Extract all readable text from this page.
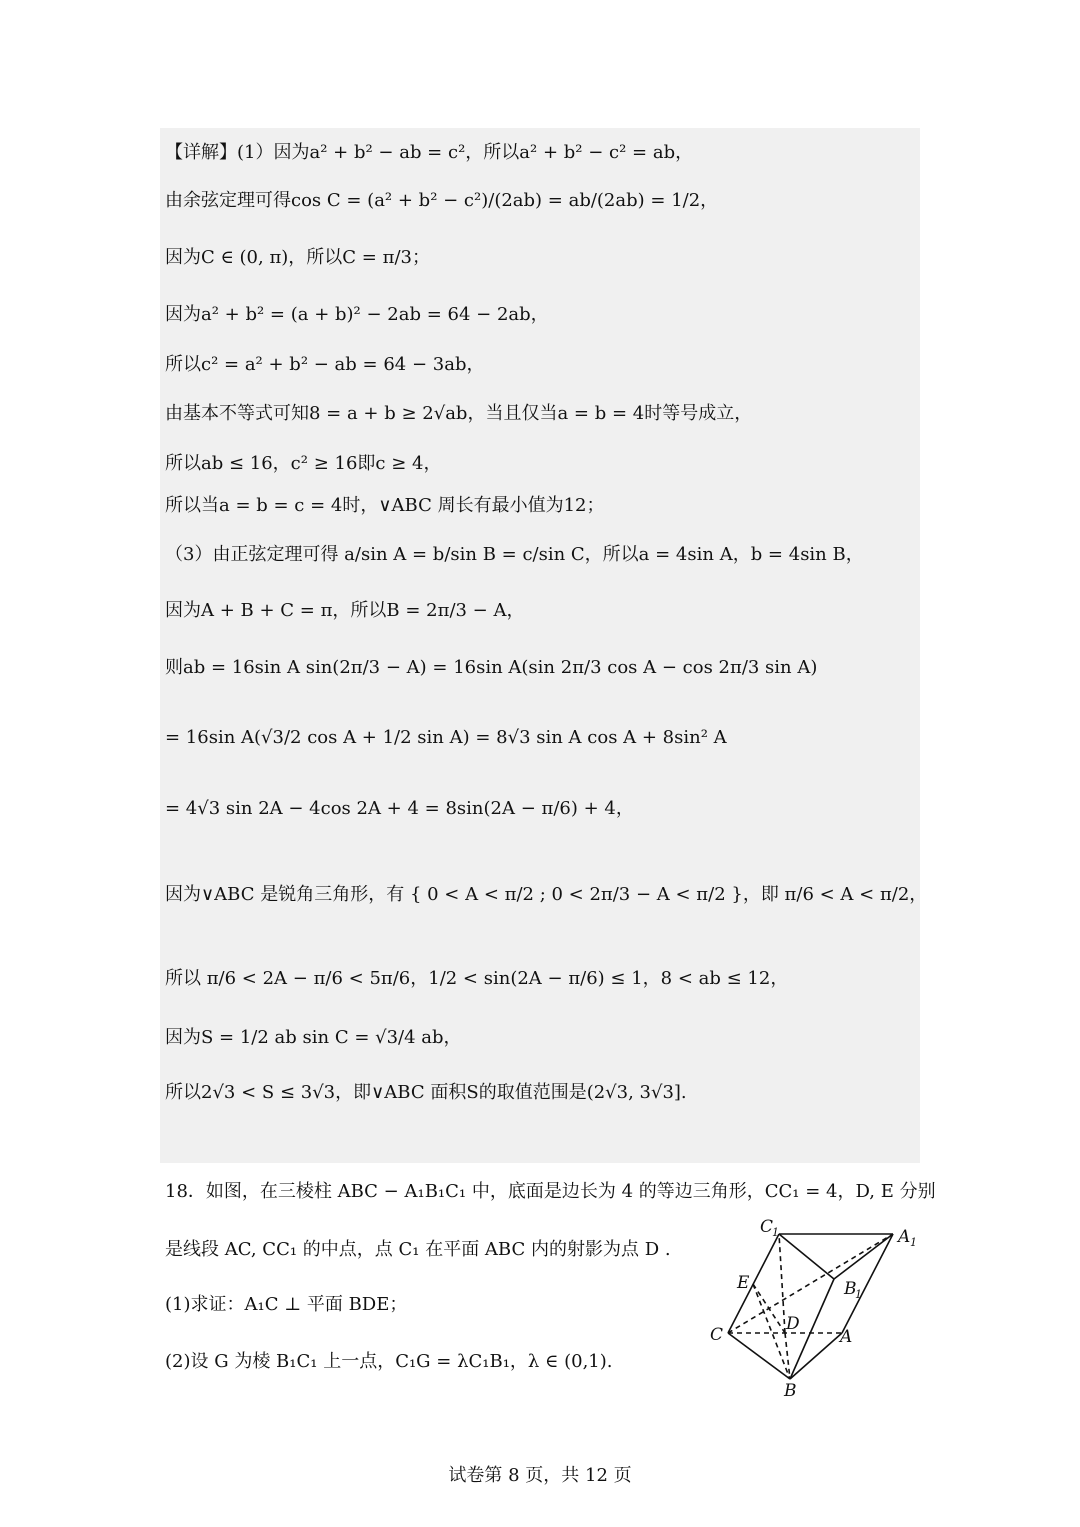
【详解】(1）因为a² + b² − ab = c²，所以a² + b² − c² = ab，
由余弦定理可得cos C = (a² + b² − c²)/(2ab) = ab/(2ab) = 1/2，
因为C ∈ (0, π)，所以C = π/3；
因为a² + b² = (a + b)² − 2ab = 64 − 2ab，
所以c² = a² + b² − ab = 64 − 3ab，
由基本不等式可知8 = a + b ≥ 2√ab，当且仅当a = b = 4时等号成立，
所以ab ≤ 16，c² ≥ 16即c ≥ 4，
所以当a = b = c = 4时，∨ABC 周长有最小值为12；
（3）由正弦定理可得 a/sin A = b/sin B = c/sin C，所以a = 4sin A，b = 4sin B，
因为A + B + C = π，所以B = 2π/3 − A，
则ab = 16sin A sin(2π/3 − A) = 16sin A(sin 2π/3 cos A − cos 2π/3 sin A)
= 16sin A(√3/2 cos A + 1/2 sin A) = 8√3 sin A cos A + 8sin² A
= 4√3 sin 2A − 4cos 2A + 4 = 8sin(2A − π/6) + 4，
因为∨ABC 是锐角三角形，有 { 0 < A < π/2 ; 0 < 2π/3 − A < π/2 }，即 π/6 < A < π/2，
所以 π/6 < 2A − π/6 < 5π/6，1/2 < sin(2A − π/6) ≤ 1，8 < ab ≤ 12，
因为S = 1/2 ab sin C = √3/4 ab，
所以2√3 < S ≤ 3√3，即∨ABC 面积S的取值范围是(2√3, 3√3].
18．如图，在三棱柱 ABC − A₁B₁C₁ 中，底面是边长为 4 的等边三角形，CC₁ = 4，D, E 分别
是线段 AC, CC₁ 的中点，点 C₁ 在平面 ABC 内的射影为点 D .
(1)求证：A₁C ⊥ 平面 BDE；
(2)设 G 为棱 B₁C₁ 上一点，C₁G = λC₁B₁，λ ∈ (0,1).
C
1	A 1
E	B
1
D
C	A
B
试卷第 8 页，共 12 页
